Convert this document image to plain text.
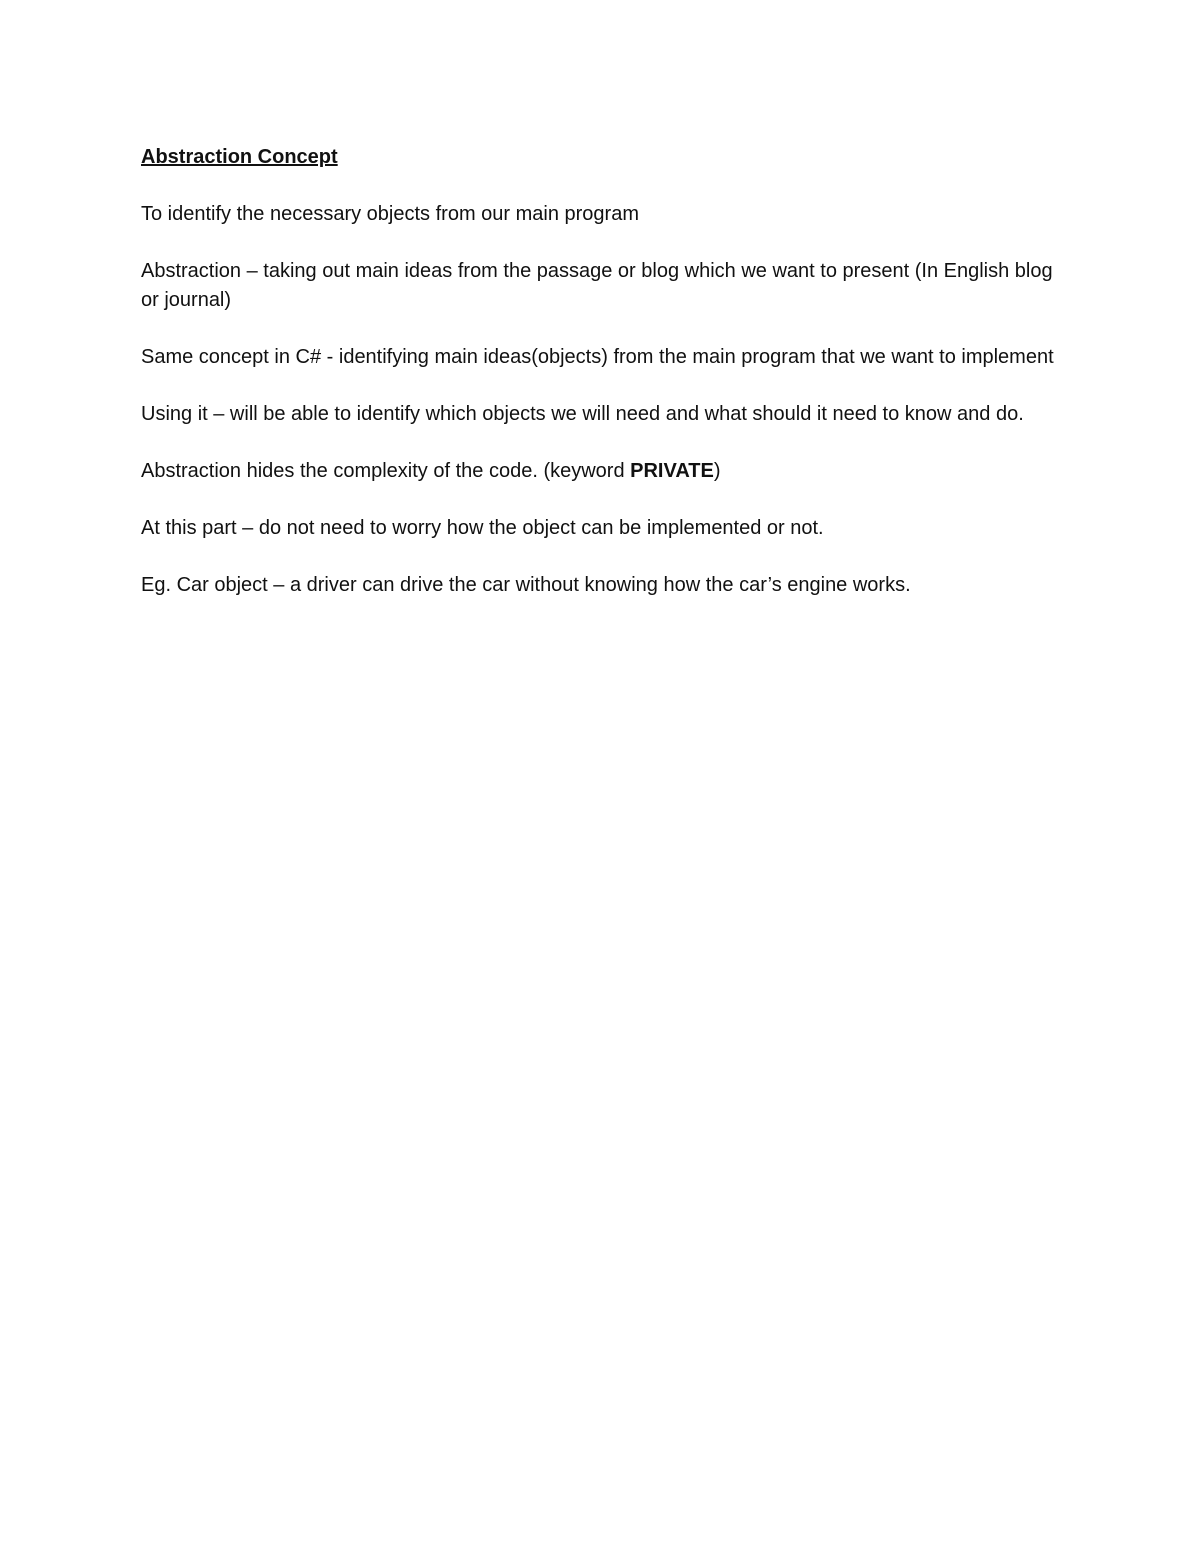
Abstraction Concept

To identify the necessary objects from our main program

Abstraction – taking out main ideas from the passage or blog which we want to present (In English blog or journal)

Same concept in C# - identifying main ideas(objects) from the main program that we want to implement

Using it – will be able to identify which objects we will need and what should it need to know and do.

Abstraction hides the complexity of the code. (keyword PRIVATE)

At this part – do not need to worry how the object can be implemented or not.

Eg. Car object – a driver can drive the car without knowing how the car’s engine works.
